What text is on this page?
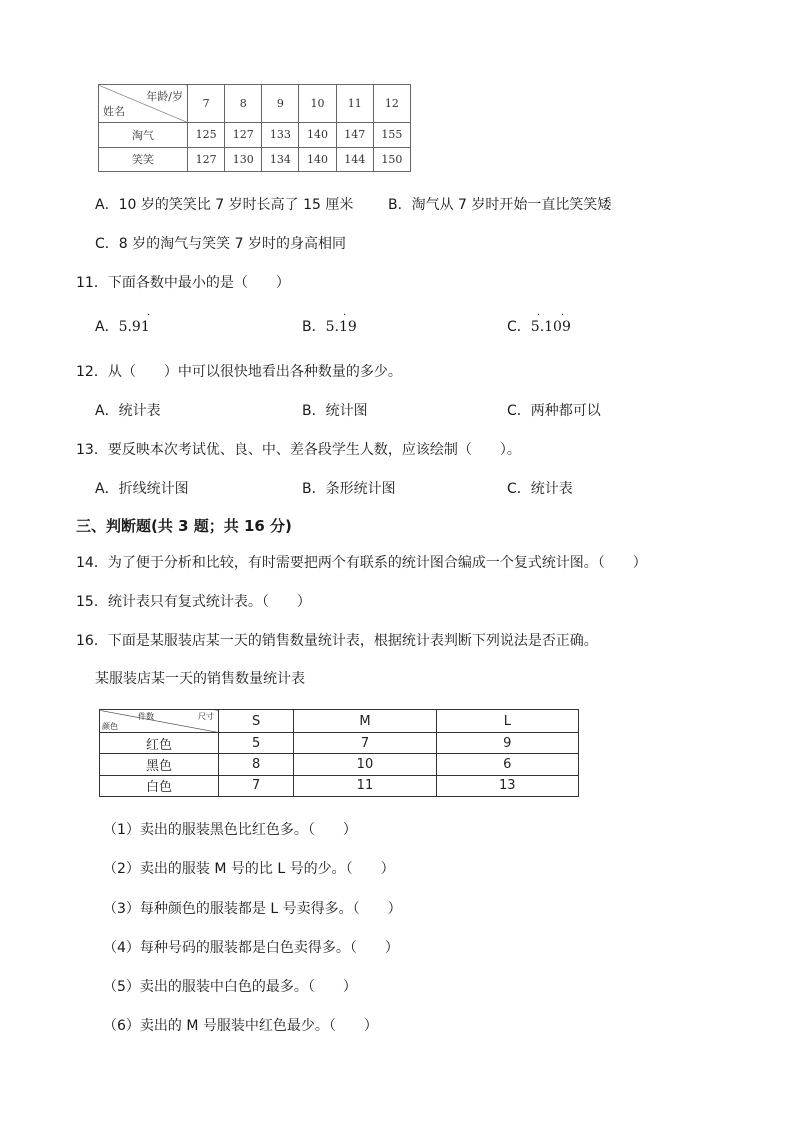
年龄/岁
姓名	7	8	9	10	11	12
淘气	125	127	133	140	147	155
笑笑	127	130	134	140	144	150
A．10 岁的笑笑比 7 岁时长高了 15 厘米 B．淘气从 7 岁时开始一直比笑笑矮
C．8 岁的淘气与笑笑 7 岁时的身高相同
11．下面各数中最小的是（　　）
A．5.91	B．5.19	C．5.109
·	·	· ·
12．从（　　）中可以很快地看出各种数量的多少。
A．统计表	B．统计图	C．两种都可以
13．要反映本次考试优、良、中、差各段学生人数，应该绘制（　　）。
A．折线统计图	B．条形统计图	C．统计表
三、判断题(共 3 题；共 16 分)
14．为了便于分析和比较，有时需要把两个有联系的统计图合编成一个复式统计图。（　　）
15．统计表只有复式统计表。（　　）
16．下面是某服装店某一天的销售数量统计表，根据统计表判断下列说法是否正确。
某服装店某一天的销售数量统计表
尺寸
件数
颜色	S	M	L
红色	5	7	9
黑色	8	10	6
白色	7	11	13
（1）卖出的服装黑色比红色多。（　　）
（2）卖出的服装 M 号的比 L 号的少。（　　）
（3）每种颜色的服装都是 L 号卖得多。（　　）
（4）每种号码的服装都是白色卖得多。（　　）
（5）卖出的服装中白色的最多。（　　）
（6）卖出的 M 号服装中红色最少。（　　）
